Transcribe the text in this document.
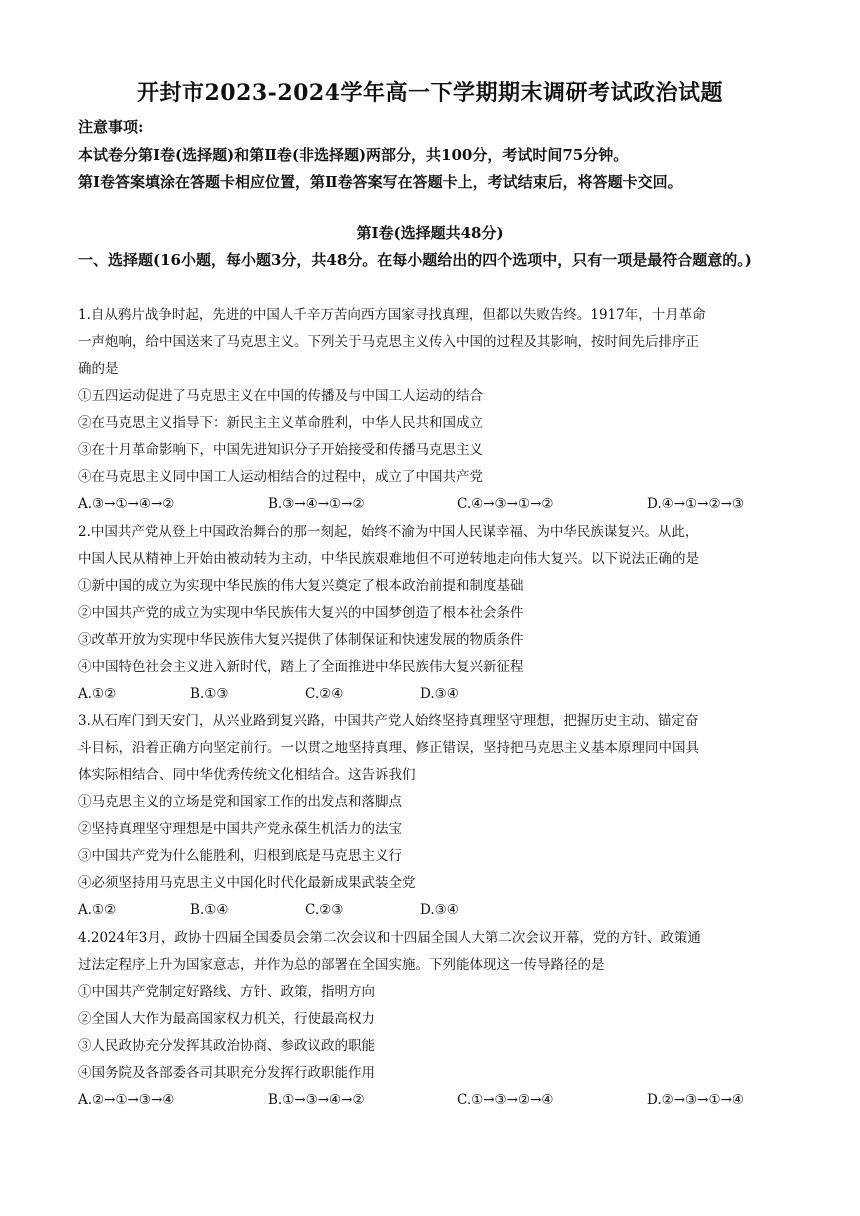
开封市2023-2024学年高一下学期期末调研考试政治试题
注意事项:
本试卷分第Ⅰ卷(选择题)和第Ⅱ卷(非选择题)两部分，共100分，考试时间75分钟。
第Ⅰ卷答案填涂在答题卡相应位置，第Ⅱ卷答案写在答题卡上，考试结束后，将答题卡交回。
第Ⅰ卷(选择题共48分)
一、选择题(16小题，每小题3分，共48分。在每小题给出的四个选项中，只有一项是最符合题意的。)

1.自从鸦片战争时起，先进的中国人千辛万苦向西方国家寻找真理，但都以失败告终。1917年，十月革命

一声炮响，给中国送来了马克思主义。下列关于马克思主义传入中国的过程及其影响，按时间先后排序正

确的是

①五四运动促进了马克思主义在中国的传播及与中国工人运动的结合

②在马克思主义指导下：新民主主义革命胜利，中华人民共和国成立

③在十月革命影响下，中国先进知识分子开始接受和传播马克思主义

④在马克思主义同中国工人运动相结合的过程中，成立了中国共产党

A.③→①→④→②	B.③→④→①→②	C.④→③→①→②	D.④→①→②→③

2.中国共产党从登上中国政治舞台的那一刻起，始终不渝为中国人民谋幸福、为中华民族谋复兴。从此，

中国人民从精神上开始由被动转为主动，中华民族艰难地但不可逆转地走向伟大复兴。以下说法正确的是

①新中国的成立为实现中华民族的伟大复兴奠定了根本政治前提和制度基础

②中国共产党的成立为实现中华民族伟大复兴的中国梦创造了根本社会条件

③改革开放为实现中华民族伟大复兴提供了体制保证和快速发展的物质条件

④中国特色社会主义进入新时代，踏上了全面推进中华民族伟大复兴新征程

A.①②	B.①③	C.②④	D.③④

3.从石库门到天安门，从兴业路到复兴路，中国共产党人始终坚持真理坚守理想，把握历史主动、锚定奋

斗目标，沿着正确方向坚定前行。一以贯之地坚持真理、修正错误，坚持把马克思主义基本原理同中国具

体实际相结合、同中华优秀传统文化相结合。这告诉我们

①马克思主义的立场是党和国家工作的出发点和落脚点

②坚持真理坚守理想是中国共产党永葆生机活力的法宝

③中国共产党为什么能胜利，归根到底是马克思主义行

④必须坚持用马克思主义中国化时代化最新成果武装全党

A.①②	B.①④	C.②③	D.③④

4.2024年3月，政协十四届全国委员会第二次会议和十四届全国人大第二次会议开幕，党的方针、政策通

过法定程序上升为国家意志，并作为总的部署在全国实施。下列能体现这一传导路径的是

①中国共产党制定好路线、方针、政策，指明方向

②全国人大作为最高国家权力机关，行使最高权力

③人民政协充分发挥其政治协商、参政议政的职能

④国务院及各部委各司其职充分发挥行政职能作用

A.②→①→③→④	B.①→③→④→②	C.①→③→②→④	D.②→③→①→④
